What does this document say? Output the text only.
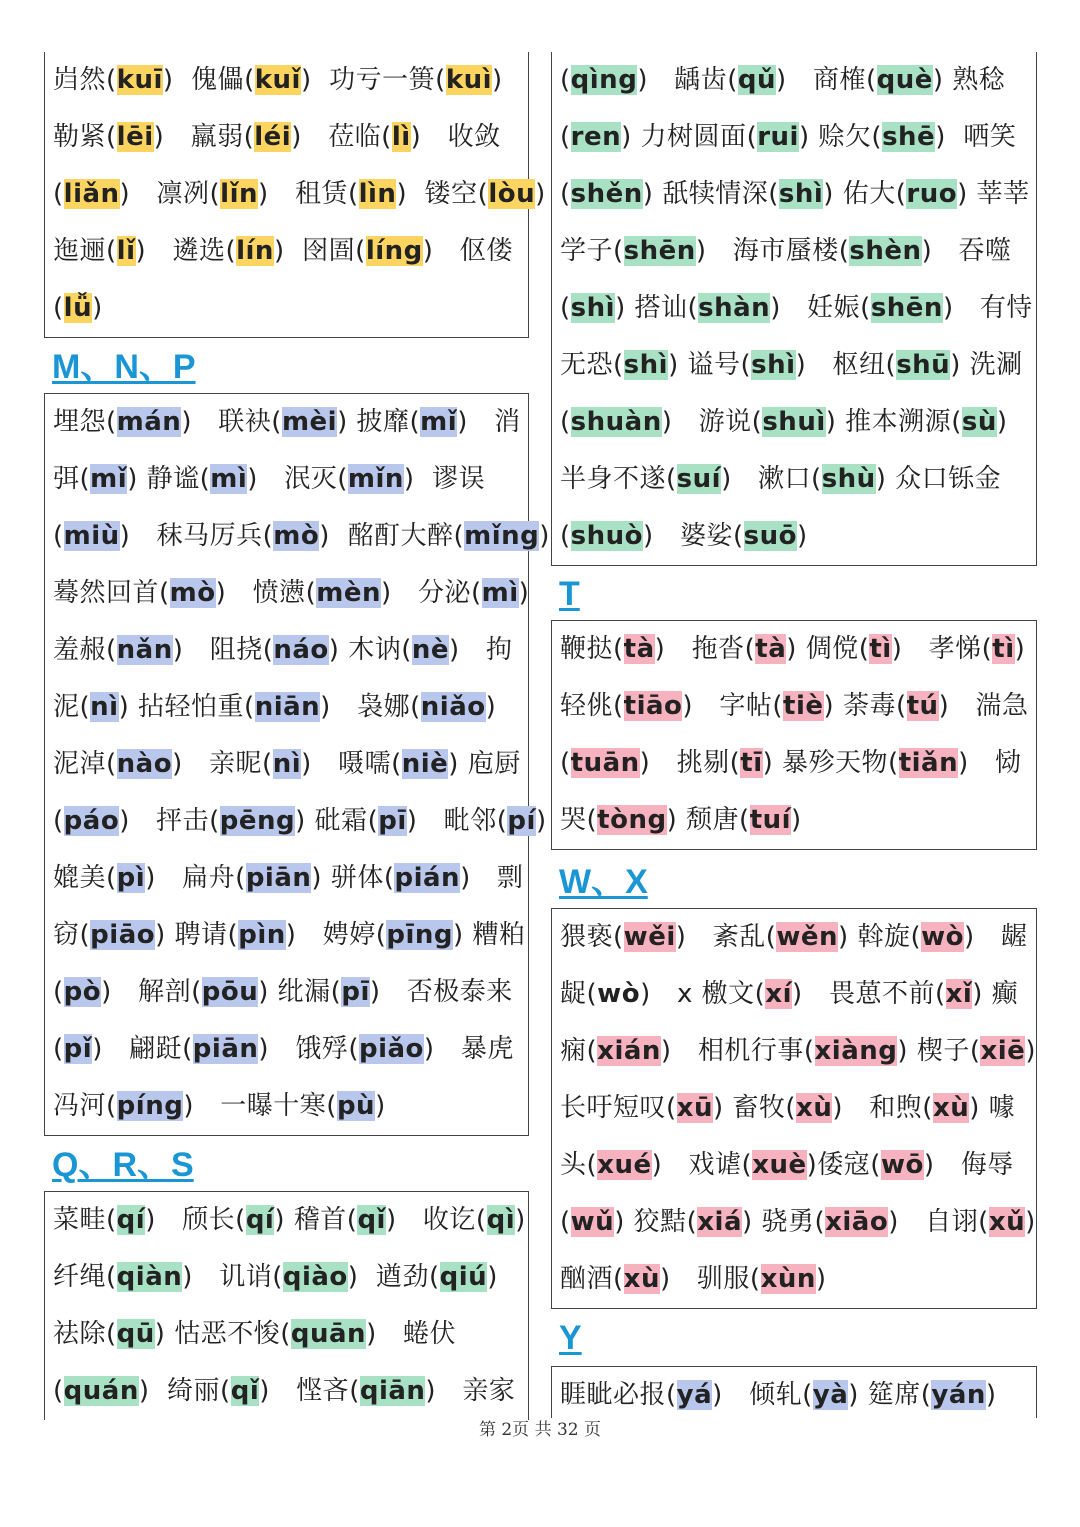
岿然(kuī)  傀儡(kuǐ)  功亏一篑(kuì)
勒紧(lēi)   羸弱(léi)   莅临(lì)   收敛
(liǎn)   凛冽(lǐn)   租赁(lìn)  镂空(lòu)
迤逦(lǐ)   遴选(lín)  囹圄(líng)   伛偻
(lǚ)
M、N、P
埋怨(mán)   联袂(mèi) 披靡(mǐ)   消
弭(mǐ) 静谧(mì)   泯灭(mǐn)  谬误
(miù)   秣马厉兵(mò)  酩酊大醉(mǐng)
蓦然回首(mò)   愤懑(mèn)   分泌(mì)
羞赧(nǎn)   阻挠(náo) 木讷(nè)   拘
泥(nì) 拈轻怕重(niān)   袅娜(niǎo)
泥淖(nào)   亲昵(nì)   嗫嚅(niè) 庖厨
(páo)   抨击(pēng) 砒霜(pī)   毗邻(pí)
媲美(pì)   扁舟(piān) 骈体(pián)   剽
窃(piāo) 聘请(pìn)   娉婷(pīng) 糟粕
(pò)   解剖(pōu) 纰漏(pī)   否极泰来
(pǐ)   翩跹(piān)   饿殍(piǎo)   暴虎
冯河(píng)   一曝十寒(pù)
Q、R、S
菜畦(qí)   颀长(qí) 稽首(qǐ)   收讫(qì)
纤绳(qiàn)   讥诮(qiào)  遒劲(qiú)
祛除(qū) 怙恶不悛(quān)   蜷伏
(quán)  绮丽(qǐ)   悭吝(qiān)   亲家
(qìng)   龋齿(qǔ)   商榷(què) 熟稔
(ren) 力树圆面(rui) 赊欠(shē)  哂笑
(shěn) 舐犊情深(shì) 佑大(ruo) 莘莘
学子(shēn)   海市蜃楼(shèn)   吞噬
(shì) 搭讪(shàn)   妊娠(shēn)   有恃
无恐(shì) 谥号(shì)   枢纽(shū) 洗涮
(shuàn)   游说(shuì) 推本溯源(sù)
半身不遂(suí)   漱口(shù) 众口铄金
(shuò)   婆娑(suō)
T
鞭挞(tà)   拖沓(tà) 倜傥(tì)   孝悌(tì)
轻佻(tiāo)   字帖(tiè) 荼毒(tú)   湍急
(tuān)   挑剔(tī) 暴殄天物(tiǎn)   恸
哭(tòng) 颓唐(tuí)
W、X
猥亵(wěi)   紊乱(wěn) 斡旋(wò)   龌
龊(wò)   x 檄文(xí)   畏葸不前(xǐ) 癫
痫(xián)   相机行事(xiàng) 楔子(xiē)
长吁短叹(xū) 畜牧(xù)   和煦(xù) 噱
头(xué)   戏谑(xuè)倭寇(wō)   侮辱
(wǔ) 狡黠(xiá) 骁勇(xiāo)   自诩(xǔ)
酗酒(xù)   驯服(xùn)
Y
睚眦必报(yá)   倾轧(yà) 筵席(yán)
第 2页 共 32 页
